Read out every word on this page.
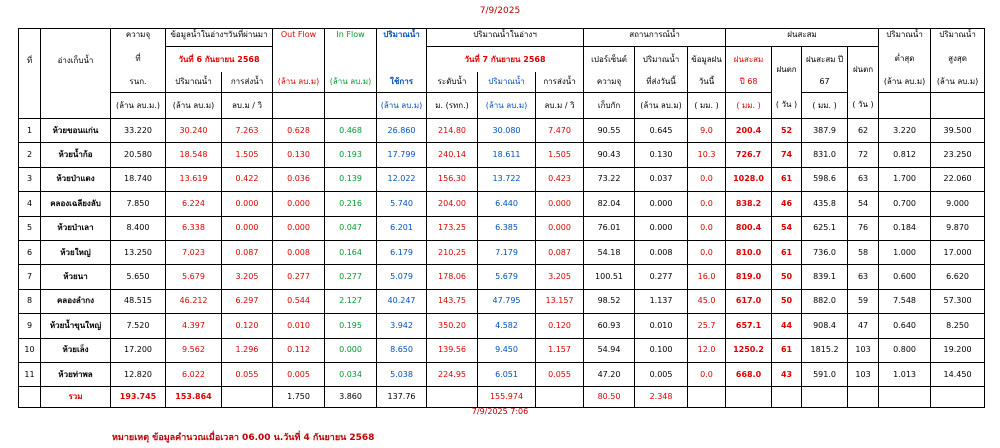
7/9/2025
ที่	อ่างเก็บน้ำ	ความจุ	ข้อมูลน้ำในอ่างฯวันที่ผ่านมา		Out Flow	In Flow	ปริมาณน้ำ	ปริมาณน้ำในอ่างฯ			สถานการณ์น้ำ			ฝนสะสม				ปริมาณน้ำ	ปริมาณน้ำ
		ที่	วันที่ 6 กันยายน 2568					วันที่ 7 กันยายน 2568			เปอร์เซ็นต์	ปริมาณน้ำ	ข้อมูลฝน	ฝนสะสม	ฝนตก	ฝนสะสม ปี	ฝนตก	ต่ำสุด	สูงสุด
		รนก.	ปริมาณน้ำ	การส่งน้ำ	(ล้าน ลบ.ม)	(ล้าน ลบ.ม)	ใช้การ	ระดับน้ำ	ปริมาณน้ำ	การส่งน้ำ	ความจุ	ที่ส่งวันนี้	วันนี้	ปี 68		67		(ล้าน ลบ.ม)	(ล้าน ลบ.ม)
		(ล้าน ลบ.ม.)	(ล้าน ลบ.ม)	ลบ.ม / วิ			(ล้าน ลบ.ม)	ม. (รทก.)	(ล้าน ลบ.ม)	ลบ.ม / วิ	เก็บกัก	(ล้าน ลบ.ม)	( มม. )	( มม. )	( วัน )	( มม. )	( วัน )		
1	ห้วยขอนแก่น	33.220	30.240	7.263	0.628	0.468	26.860	214.80	30.080	7.470	90.55	0.645	9.0	200.4	52	387.9	62	3.220	39.500
2	ห้วยน้ำก้อ	20.580	18.548	1.505	0.130	0.193	17.799	240.14	18.611	1.505	90.43	0.130	10.3	726.7	74	831.0	72	0.812	23.250
3	ห้วยป่าแดง	18.740	13.619	0.422	0.036	0.139	12.022	156.30	13.722	0.423	73.22	0.037	0.0	1028.0	61	598.6	63	1.700	22.060
4	คลองเฉลียงลับ	7.850	6.224	0.000	0.000	0.216	5.740	204.00	6.440	0.000	82.04	0.000	0.0	838.2	46	435.8	54	0.700	9.000
5	ห้วยป่าเลา	8.400	6.338	0.000	0.000	0.047	6.201	173.25	6.385	0.000	76.01	0.000	0.0	800.4	54	625.1	76	0.184	9.870
6	ห้วยใหญ่	13.250	7.023	0.087	0.008	0.164	6.179	210.25	7.179	0.087	54.18	0.008	0.0	810.0	61	736.0	58	1.000	17.000
7	ห้วยนา	5.650	5.679	3.205	0.277	0.277	5.079	178.06	5.679	3.205	100.51	0.277	16.0	819.0	50	839.1	63	0.600	6.620
8	คลองลำกง	48.515	46.212	6.297	0.544	2.127	40.247	143.75	47.795	13.157	98.52	1.137	45.0	617.0	50	882.0	59	7.548	57.300
9	ห้วยน้ำขุนใหญ่	7.520	4.397	0.120	0.010	0.195	3.942	350.20	4.582	0.120	60.93	0.010	25.7	657.1	44	908.4	47	0.640	8.250
10	ห้วยเล็ง	17.200	9.562	1.296	0.112	0.000	8.650	139.56	9.450	1.157	54.94	0.100	12.0	1250.2	61	1815.2	103	0.800	19.200
11	ห้วยท่าพล	12.820	6.022	0.055	0.005	0.034	5.038	224.95	6.051	0.055	47.20	0.005	0.0	668.0	43	591.0	103	1.013	14.450
	รวม	193.745	153.864		1.750	3.860	137.76		155.974		80.50	2.348							
7/9/2025 7:06
หมายเหตุ ข้อมูลคำนวณเมื่อเวลา 06.00 น.วันที่ 4 กันยายน 2568
